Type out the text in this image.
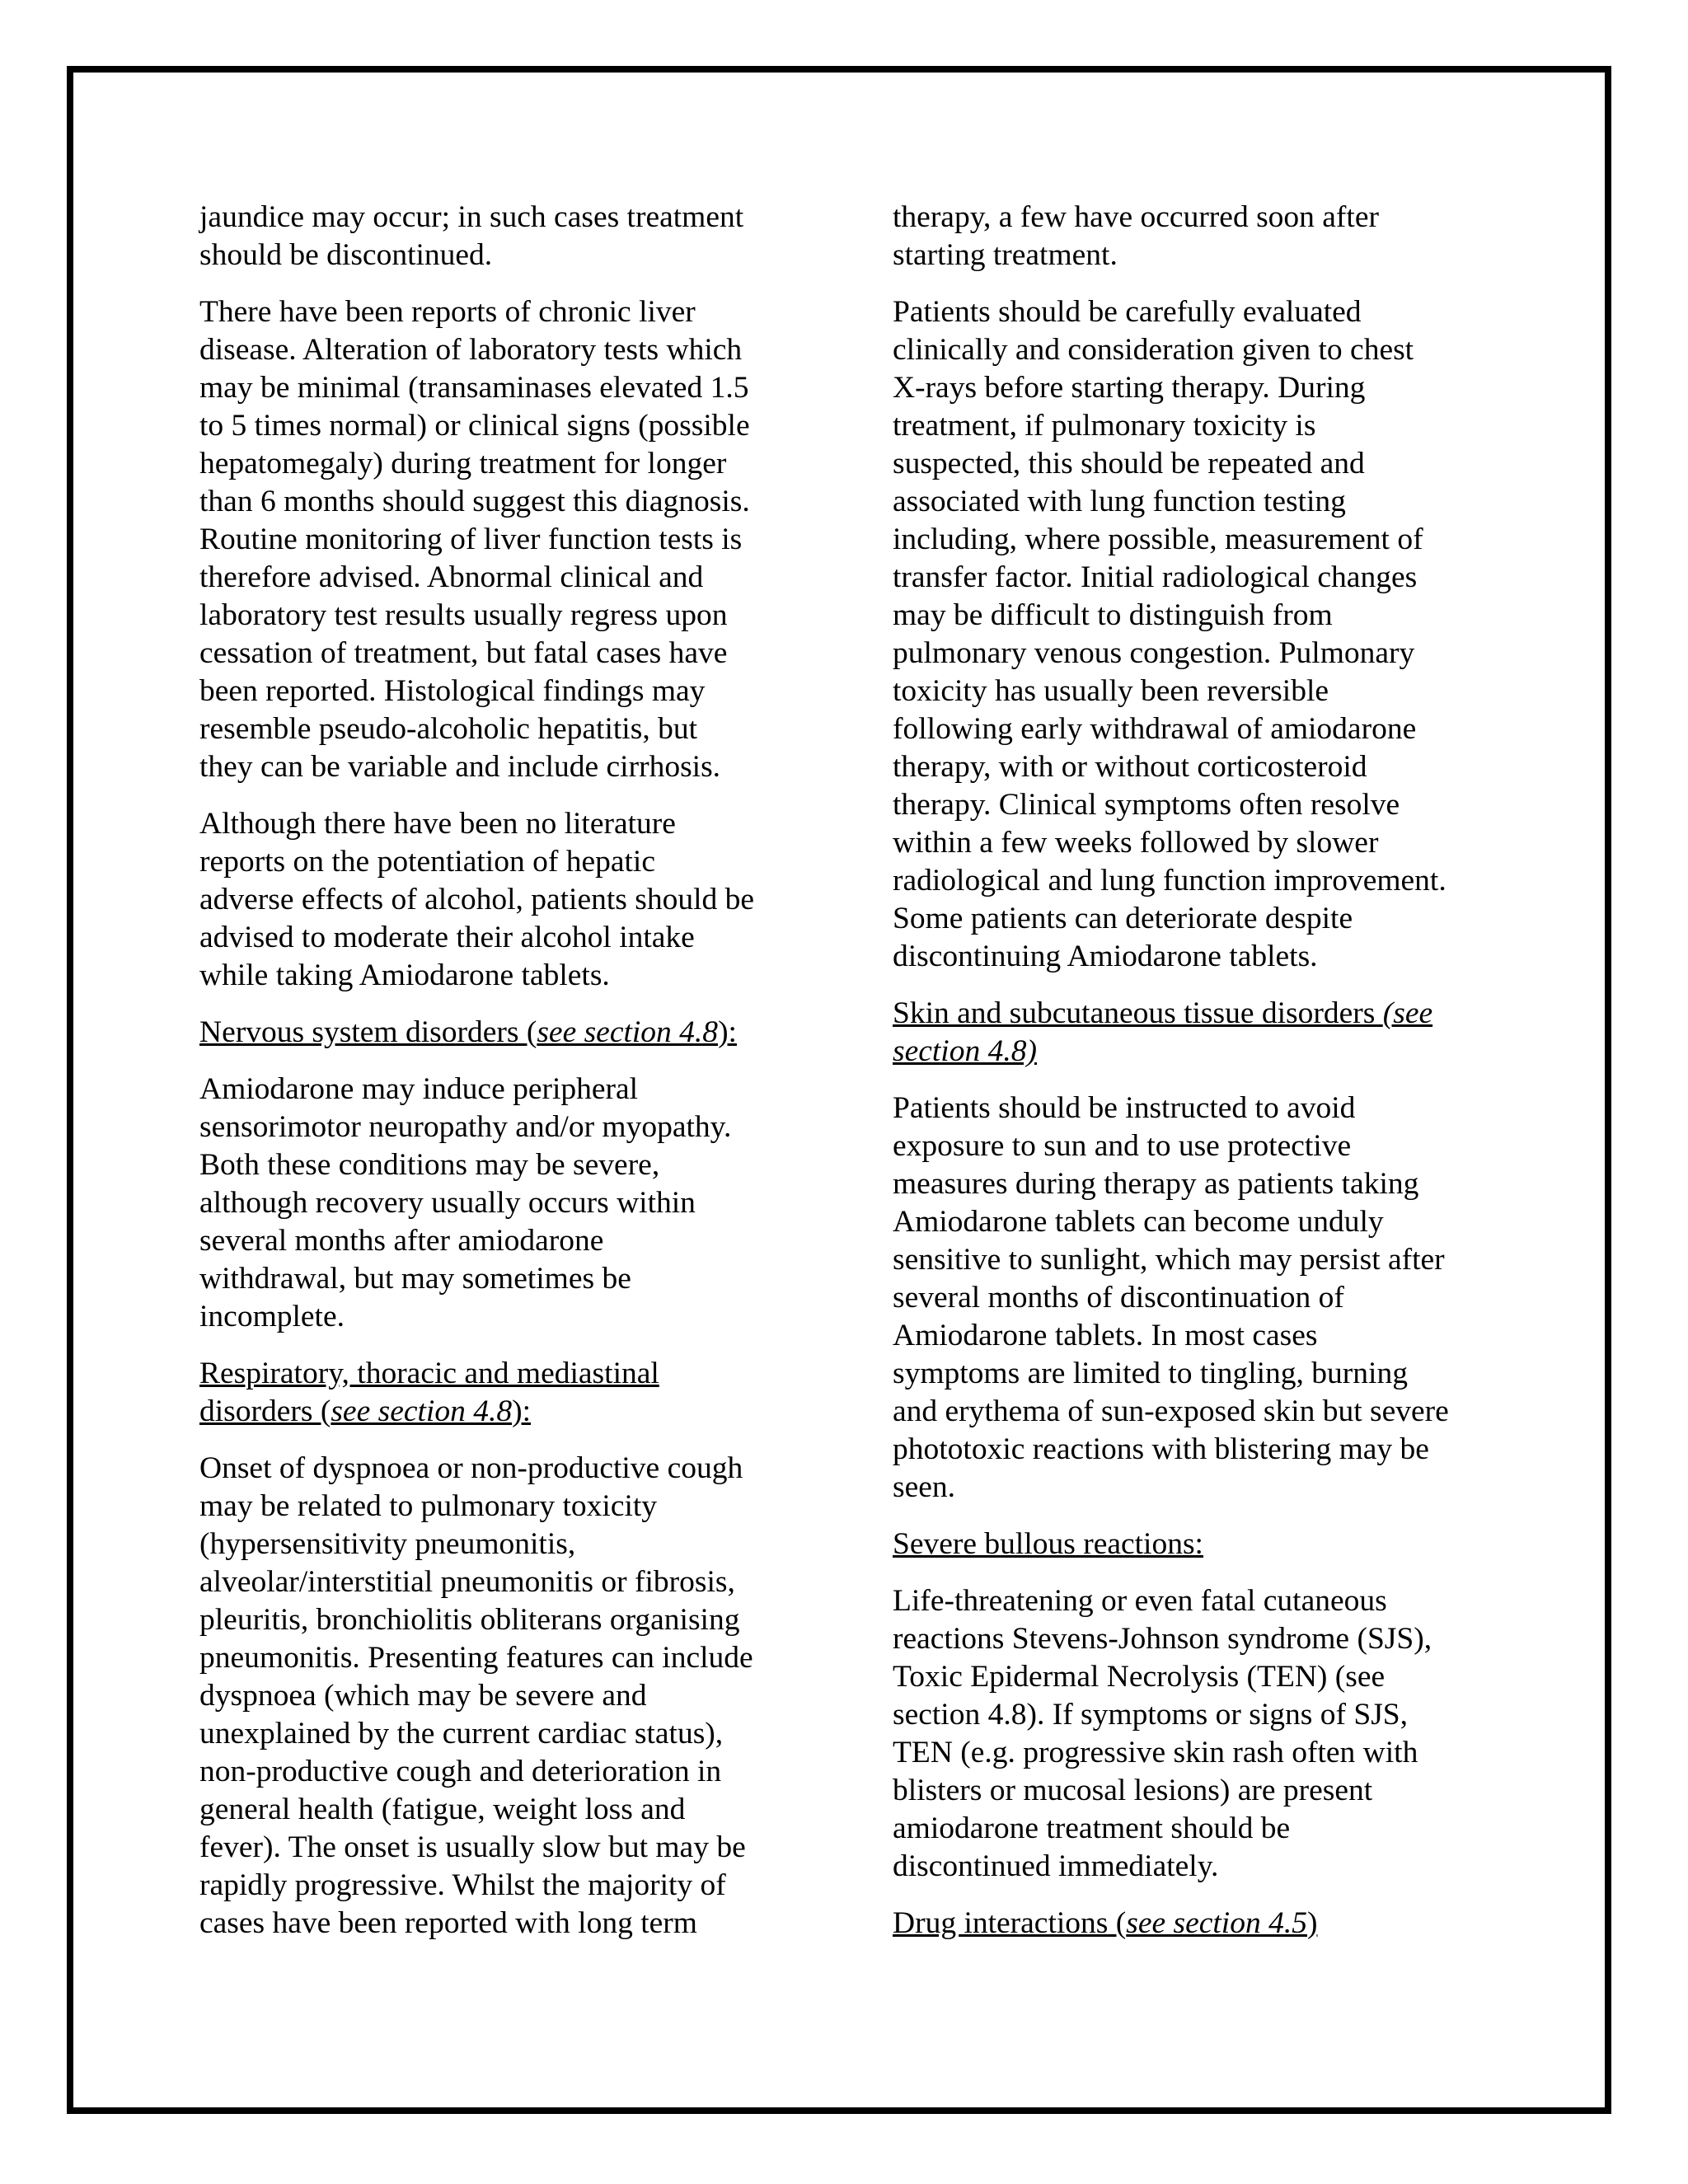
jaundice may occur; in such cases treatment
should be discontinued.

There have been reports of chronic liver
disease. Alteration of laboratory tests which
may be minimal (transaminases elevated 1.5
to 5 times normal) or clinical signs (possible
hepatomegaly) during treatment for longer
than 6 months should suggest this diagnosis.
Routine monitoring of liver function tests is
therefore advised. Abnormal clinical and
laboratory test results usually regress upon
cessation of treatment, but fatal cases have
been reported. Histological findings may
resemble pseudo-alcoholic hepatitis, but
they can be variable and include cirrhosis.

Although there have been no literature
reports on the potentiation of hepatic
adverse effects of alcohol, patients should be
advised to moderate their alcohol intake
while taking Amiodarone tablets.

Nervous system disorders (see section 4.8):

Amiodarone may induce peripheral
sensorimotor neuropathy and/or myopathy.
Both these conditions may be severe,
although recovery usually occurs within
several months after amiodarone
withdrawal, but may sometimes be
incomplete.

Respiratory, thoracic and mediastinal
disorders (see section 4.8):

Onset of dyspnoea or non-productive cough
may be related to pulmonary toxicity
(hypersensitivity pneumonitis,
alveolar/interstitial pneumonitis or fibrosis,
pleuritis, bronchiolitis obliterans organising
pneumonitis. Presenting features can include
dyspnoea (which may be severe and
unexplained by the current cardiac status),
non-productive cough and deterioration in
general health (fatigue, weight loss and
fever). The onset is usually slow but may be
rapidly progressive. Whilst the majority of
cases have been reported with long term

therapy, a few have occurred soon after
starting treatment.

Patients should be carefully evaluated
clinically and consideration given to chest
X-rays before starting therapy. During
treatment, if pulmonary toxicity is
suspected, this should be repeated and
associated with lung function testing
including, where possible, measurement of
transfer factor. Initial radiological changes
may be difficult to distinguish from
pulmonary venous congestion. Pulmonary
toxicity has usually been reversible
following early withdrawal of amiodarone
therapy, with or without corticosteroid
therapy. Clinical symptoms often resolve
within a few weeks followed by slower
radiological and lung function improvement.
Some patients can deteriorate despite
discontinuing Amiodarone tablets.

Skin and subcutaneous tissue disorders (see
section 4.8)

Patients should be instructed to avoid
exposure to sun and to use protective
measures during therapy as patients taking
Amiodarone tablets can become unduly
sensitive to sunlight, which may persist after
several months of discontinuation of
Amiodarone tablets. In most cases
symptoms are limited to tingling, burning
and erythema of sun-exposed skin but severe
phototoxic reactions with blistering may be
seen.

Severe bullous reactions:

Life-threatening or even fatal cutaneous
reactions Stevens-Johnson syndrome (SJS),
Toxic Epidermal Necrolysis (TEN) (see
section 4.8). If symptoms or signs of SJS,
TEN (e.g. progressive skin rash often with
blisters or mucosal lesions) are present
amiodarone treatment should be
discontinued immediately.

Drug interactions (see section 4.5)
